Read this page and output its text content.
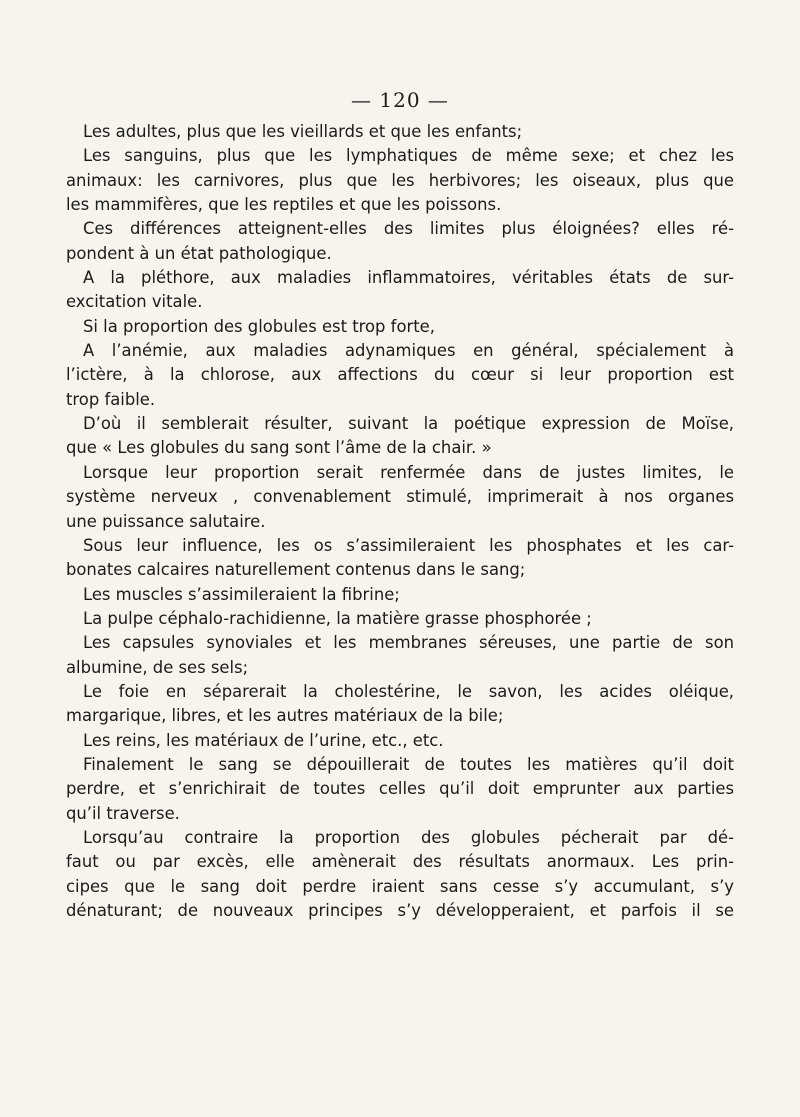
— 120 —
Les adultes, plus que les vieillards et que les enfants;
Les sanguins, plus que les lymphatiques de même sexe; et chez les
animaux: les carnivores, plus que les herbivores; les oiseaux, plus que
les mammifères, que les reptiles et que les poissons.
Ces différences atteignent-elles des limites plus éloignées? elles ré-
pondent à un état pathologique.
A la pléthore, aux maladies inflammatoires, véritables états de sur-
excitation vitale.
Si la proportion des globules est trop forte,
A l’anémie, aux maladies adynamiques en général, spécialement à
l’ictère, à la chlorose, aux affections du cœur si leur proportion est
trop faible.
D’où il semblerait résulter, suivant la poétique expression de Moïse,
que « Les globules du sang sont l’âme de la chair. »
Lorsque leur proportion serait renfermée dans de justes limites, le
système nerveux , convenablement stimulé, imprimerait à nos organes
une puissance salutaire.
Sous leur influence, les os s’assimileraient les phosphates et les car-
bonates calcaires naturellement contenus dans le sang;
Les muscles s’assimileraient la fibrine;
La pulpe céphalo-rachidienne, la matière grasse phosphorée ;
Les capsules synoviales et les membranes séreuses, une partie de son
albumine, de ses sels;
Le foie en séparerait la cholestérine, le savon, les acides oléique,
margarique, libres, et les autres matériaux de la bile;
Les reins, les matériaux de l’urine, etc., etc.
Finalement le sang se dépouillerait de toutes les matières qu’il doit
perdre, et s’enrichirait de toutes celles qu’il doit emprunter aux parties
qu’il traverse.
Lorsqu’au contraire la proportion des globules pécherait par dé-
faut ou par excès, elle amènerait des résultats anormaux. Les prin-
cipes que le sang doit perdre iraient sans cesse s’y accumulant, s’y
dénaturant; de nouveaux principes s’y développeraient, et parfois il se
